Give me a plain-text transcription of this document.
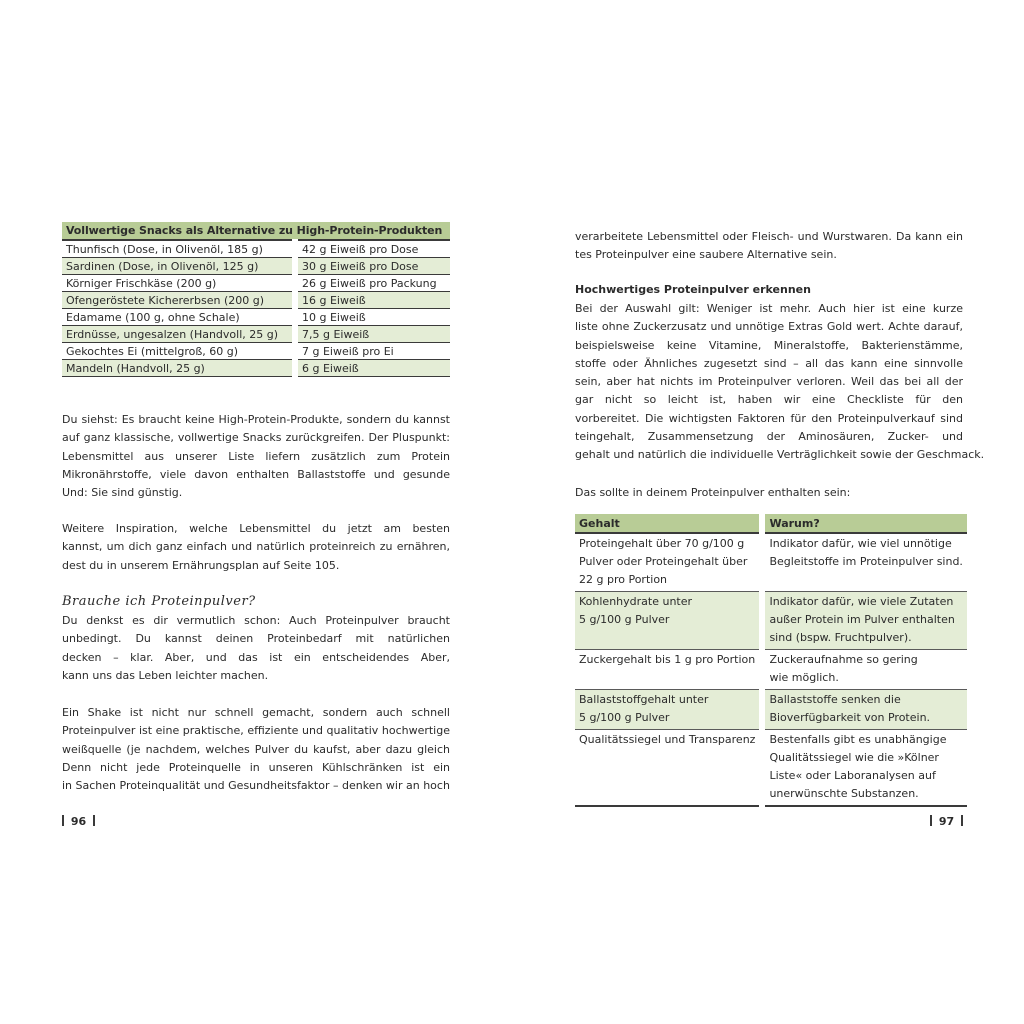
Vollwertige Snacks als Alternative zu High-Protein-Produkten	
Thunfisch (Dose, in Olivenöl, 185 g)	42 g Eiweiß pro Dose
Sardinen (Dose, in Olivenöl, 125 g)	30 g Eiweiß pro Dose
Körniger Frischkäse (200 g)	26 g Eiweiß pro Packung
Ofengeröstete Kichererbsen (200 g)	16 g Eiweiß
Edamame (100 g, ohne Schale)	10 g Eiweiß
Erdnüsse, ungesalzen (Handvoll, 25 g)	7,5 g Eiweiß
Gekochtes Ei (mittelgroß, 60 g)	7 g Eiweiß pro Ei
Mandeln (Handvoll, 25 g)	6 g Eiweiß
Du siehst: Es braucht keine High-Protein-Produkte, sondern du kannst
auf ganz klassische, vollwertige Snacks zurückgreifen. Der Pluspunkt:
Lebensmittel aus unserer Liste liefern zusätzlich zum Protein
Mikronährstoffe, viele davon enthalten Ballaststoffe und gesunde
Und: Sie sind günstig.
Weitere Inspiration, welche Lebensmittel du jetzt am besten
kannst, um dich ganz einfach und natürlich proteinreich zu ernähren,
dest du in unserem Ernährungsplan auf Seite 105.
Brauche ich Proteinpulver?
Du denkst es dir vermutlich schon: Auch Proteinpulver braucht
unbedingt. Du kannst deinen Proteinbedarf mit natürlichen
decken – klar. Aber, und das ist ein entscheidendes Aber,
kann uns das Leben leichter machen.
Ein Shake ist nicht nur schnell gemacht, sondern auch schnell
Proteinpulver ist eine praktische, effiziente und qualitativ hochwertige
weißquelle (je nachdem, welches Pulver du kaufst, aber dazu gleich
Denn nicht jede Proteinquelle in unseren Kühlschränken ist ein
in Sachen Proteinqualität und Gesundheitsfaktor – denken wir an hoch
96
verarbeitete Lebensmittel oder Fleisch- und Wurstwaren. Da kann ein
tes Proteinpulver eine saubere Alternative sein.
Hochwertiges Proteinpulver erkennen
Bei der Auswahl gilt: Weniger ist mehr. Auch hier ist eine kurze
liste ohne Zuckerzusatz und unnötige Extras Gold wert. Achte darauf,
beispielsweise keine Vitamine, Mineralstoffe, Bakterienstämme,
stoffe oder Ähnliches zugesetzt sind – all das kann eine sinnvolle
sein, aber hat nichts im Proteinpulver verloren. Weil das bei all der
gar nicht so leicht ist, haben wir eine Checkliste für den
vorbereitet. Die wichtigsten Faktoren für den Proteinpulverkauf sind
teingehalt, Zusammensetzung der Aminosäuren, Zucker- und
gehalt und natürlich die individuelle Verträglichkeit sowie der Geschmack.
Das sollte in deinem Proteinpulver enthalten sein:
Gehalt	Warum?

Proteingehalt über 70 g/100 g
Pulver oder Proteingehalt über
22 g pro Portion	Indikator dafür, wie viel unnötige
Begleitstoffe im Proteinpulver sind.

Kohlenhydrate unter
5 g/100 g Pulver	Indikator dafür, wie viele Zutaten
außer Protein im Pulver enthalten
sind (bspw. Fruchtpulver).

Zuckergehalt bis 1 g pro Portion	Zuckeraufnahme so gering
wie möglich.

Ballaststoffgehalt unter
5 g/100 g Pulver	Ballaststoffe senken die
Bioverfügbarkeit von Protein.

Qualitätssiegel und Transparenz	Bestenfalls gibt es unabhängige
Qualitätssiegel wie die »Kölner
Liste« oder Laboranalysen auf
unerwünschte Substanzen.
97
